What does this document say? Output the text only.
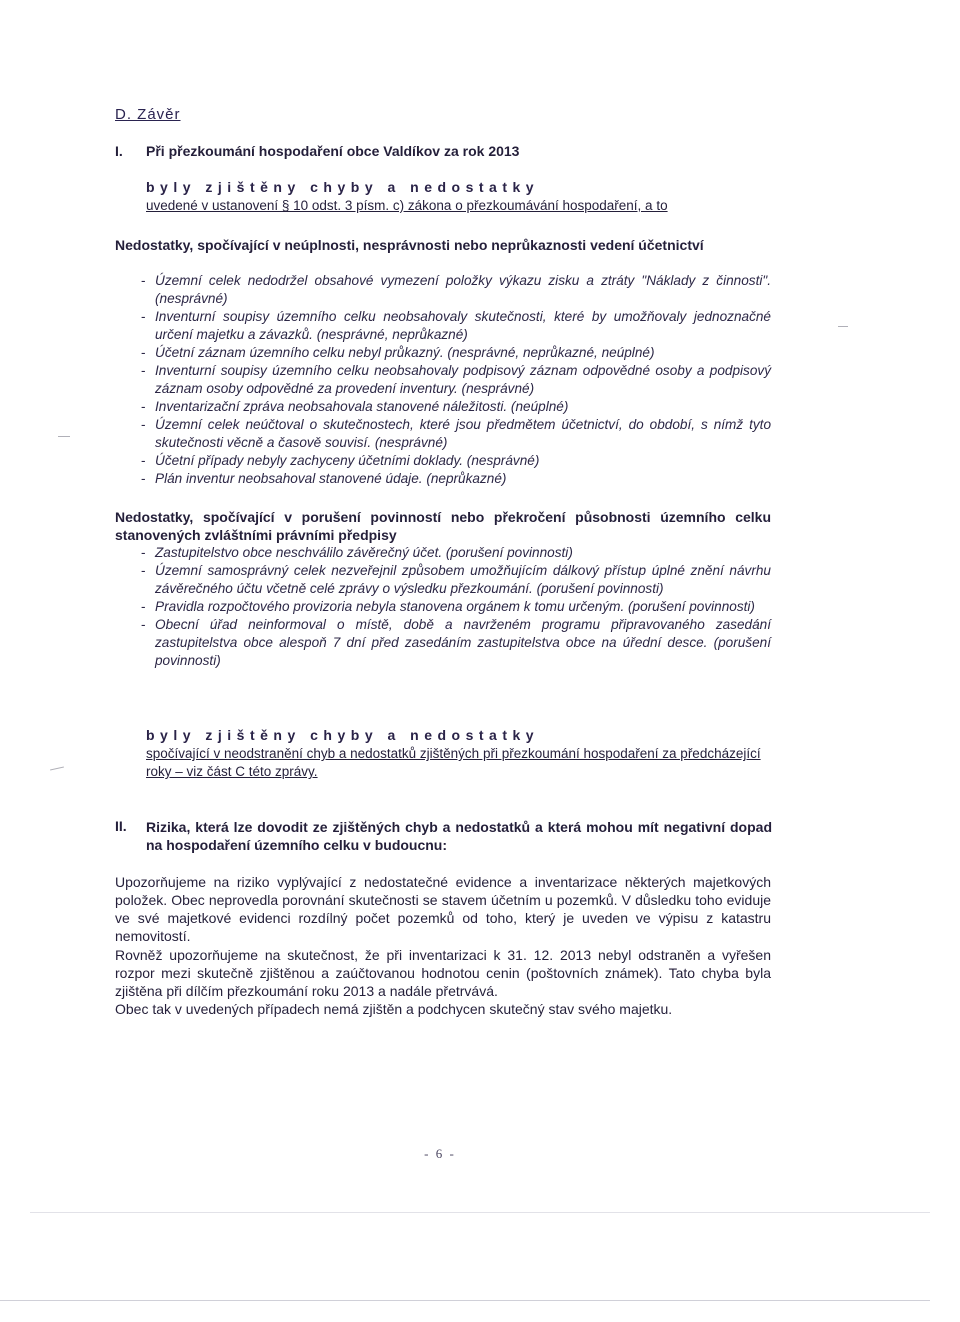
D. Závěr
I. Při přezkoumání hospodaření obce Valdíkov za rok 2013
byly zjištěny chyby a nedostatky
uvedené v ustanovení § 10 odst. 3 písm. c) zákona o přezkoumávání hospodaření, a to
Nedostatky, spočívající v neúplnosti, nesprávnosti nebo neprůkaznosti vedení účetnictví
- Územní celek nedodržel obsahové vymezení položky výkazu zisku a ztráty "Náklady z činnosti". (nesprávné)
- Inventurní soupisy územního celku neobsahovaly skutečnosti, které by umožňovaly jednoznačné určení majetku a závazků. (nesprávné, neprůkazné)
- Účetní záznam územního celku nebyl průkazný. (nesprávné, neprůkazné, neúplné)
- Inventurní soupisy územního celku neobsahovaly podpisový záznam odpovědné osoby a podpisový záznam osoby odpovědné za provedení inventury. (nesprávné)
- Inventarizační zpráva neobsahovala stanovené náležitosti. (neúplné)
- Územní celek neúčtoval o skutečnostech, které jsou předmětem účetnictví, do období, s nímž tyto skutečnosti věcně a časově souvisí. (nesprávné)
- Účetní případy nebyly zachyceny účetními doklady. (nesprávné)
- Plán inventur neobsahoval stanovené údaje. (neprůkazné)
Nedostatky, spočívající v porušení povinností nebo překročení působnosti územního celku stanovených zvláštními právními předpisy
- Zastupitelstvo obce neschválilo závěrečný účet. (porušení povinnosti)
- Územní samosprávný celek nezveřejnil způsobem umožňujícím dálkový přístup úplné znění návrhu závěrečného účtu včetně celé zprávy o výsledku přezkoumání. (porušení povinnosti)
- Pravidla rozpočtového provizoria nebyla stanovena orgánem k tomu určeným. (porušení povinnosti)
- Obecní úřad neinformoval o místě, době a navrženém programu připravovaného zasedání zastupitelstva obce alespoň 7 dní před zasedáním zastupitelstva obce na úřední desce. (porušení povinnosti)
byly zjištěny chyby a nedostatky
spočívající v neodstranění chyb a nedostatků zjištěných při přezkoumání hospodaření za předcházející roky – viz část C této zprávy.
II. Rizika, která lze dovodit ze zjištěných chyb a nedostatků a která mohou mít negativní dopad na hospodaření územního celku v budoucnu:
Upozorňujeme na riziko vyplývající z nedostatečné evidence a inventarizace některých majetkových položek. Obec neprovedla porovnání skutečnosti se stavem účetním u pozemků. V důsledku toho eviduje ve své majetkové evidenci rozdílný počet pozemků od toho, který je uveden ve výpisu z katastru nemovitostí.
Rovněž upozorňujeme na skutečnost, že při inventarizaci k 31. 12. 2013 nebyl odstraněn a vyřešen rozpor mezi skutečně zjištěnou a zaúčtovanou hodnotou cenin (poštovních známek). Tato chyba byla zjištěna při dílčím přezkoumání roku 2013 a nadále přetrvává.
Obec tak v uvedených případech nemá zjištěn a podchycen skutečný stav svého majetku.
- 6 -
